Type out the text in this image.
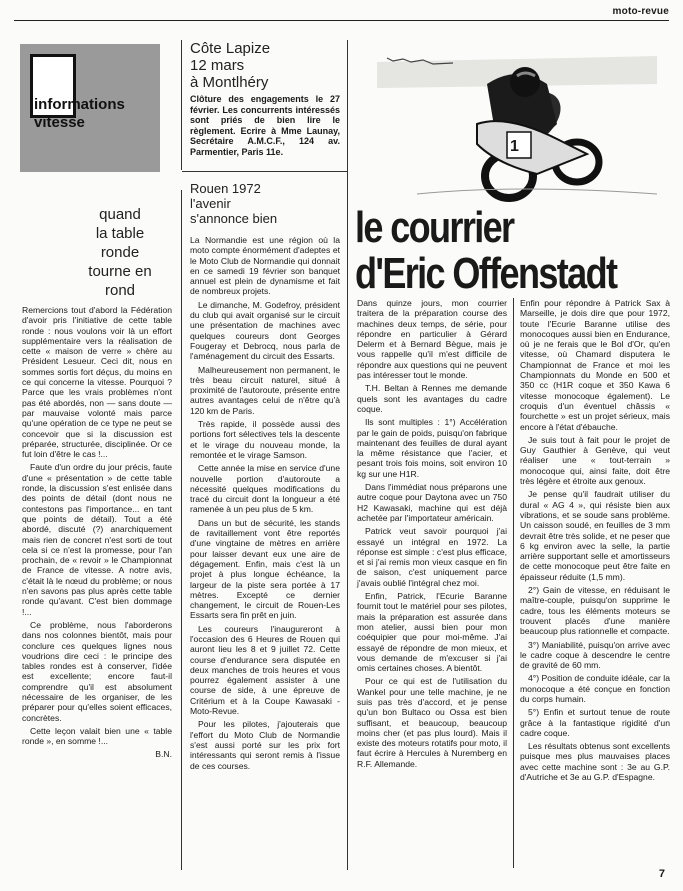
moto-revue
informations
vitesse
Côte Lapize
12 mars
à Montlhéry
Clôture des engagements le 27 février. Les concurrents intéressés sont priés de bien lire le règlement. Ecrire à Mme Launay, Secrétaire A.M.C.F., 124 av. Parmentier, Paris 11e.
Rouen 1972
l'avenir
s'annonce bien

La Normandie est une région où la moto compte énormément d'adeptes et le Moto Club de Normandie qui donnait en ce samedi 19 février son banquet annuel est plein de dynamisme et fait de nombreux projets.

Le dimanche, M. Godefroy, président du club qui avait organisé sur le circuit une présentation de machines avec quelques coureurs dont Georges Fougeray et Debrocq, nous parla de l'aménagement du circuit des Essarts.

Malheureusement non permanent, le très beau circuit naturel, situé à proximité de l'autoroute, présente entre autres avantages celui de n'être qu'à 120 km de Paris.

Très rapide, il possède aussi des portions fort sélectives tels la descente et le virage du nouveau monde, la remontée et le virage Samson.

Cette année la mise en service d'une nouvelle portion d'autoroute a nécessité quelques modifications du tracé du circuit dont la longueur a été ramenée à un peu plus de 5 km.

Dans un but de sécurité, les stands de ravitaillement vont être reportés d'une vingtaine de mètres en arrière pour laisser devant eux une aire de dégagement. Enfin, mais c'est là un projet à plus longue échéance, la largeur de la piste sera portée à 17 mètres. Excepté ce dernier changement, le circuit de Rouen-Les Essarts sera fin prêt en juin.

Les coureurs l'inaugureront à l'occasion des 6 Heures de Rouen qui auront lieu les 8 et 9 juillet 72. Cette course d'endurance sera disputée en deux manches de trois heures et vous pourrez également assister à une course de side, à une épreuve de Critérium et à la Coupe Kawasaki - Moto-Revue.

Pour les pilotes, j'ajouterais que l'effort du Moto Club de Normandie s'est aussi porté sur les prix fort intéressants qui seront remis à l'issue de ces courses.

quand
la table
ronde
tourne en
rond

Remercions tout d'abord la Fédération d'avoir pris l'initiative de cette table ronde : nous voulons voir là un effort supplémentaire vers la réalisation de cette « maison de verre » chère au Président Lesueur. Ceci dit, nous en sommes sortis fort déçus, du moins en ce qui concerne la vitesse. Pourquoi ? Parce que les vrais problèmes n'ont pas été abordés, non — sans doute — par mauvaise volonté mais parce qu'une opération de ce type ne peut se concevoir que si la discussion est préparée, structurée, disciplinée. Or ce fut loin d'être le cas !...

Faute d'un ordre du jour précis, faute d'une « présentation » de cette table ronde, la discussion s'est enlisée dans des points de détail (dont nous ne contestons pas l'importance... en tant que points de détail). Tout a été abordé, discuté (?) anarchiquement mais rien de concret n'est sorti de tout cela si ce n'est la promesse, pour l'an prochain, de « revoir » le Championnat de France de vitesse. A notre avis, c'était là le nœud du problème; or nous n'en savons pas plus après cette table ronde qu'avant. C'est bien dommage !...

Ce problème, nous l'aborderons dans nos colonnes bientôt, mais pour conclure ces quelques lignes nous voudrions dire ceci : le principe des tables rondes est à conserver, l'idée est excellente; encore faut-il comprendre qu'il est absolument nécessaire de les organiser, de les préparer pour qu'elles soient efficaces, concrètes.

Cette leçon valait bien une « table ronde », en somme !...

B.N.
1
le courrier
d'Eric Offenstadt

Dans quinze jours, mon courrier traitera de la préparation course des machines deux temps, de série, pour répondre en particulier à Gérard Delerm et à Bernard Bègue, mais je vous rappelle qu'il m'est difficile de répondre aux questions qui ne peuvent pas intéresser tout le monde.

T.H. Beltan à Rennes me demande quels sont les avantages du cadre coque.

Ils sont multiples : 1°) Accélération par le gain de poids, puisqu'on fabrique maintenant des feuilles de dural ayant la même résistance que l'acier, et pesant trois fois moins, soit environ 10 kg sur une H1R.

Dans l'immédiat nous préparons une autre coque pour Daytona avec un 750 H2 Kawasaki, machine qui est déjà achetée par l'importateur américain.

Patrick veut savoir pourquoi j'ai essayé un intégral en 1972. La réponse est simple : c'est plus efficace, et si j'ai remis mon vieux casque en fin de saison, c'est uniquement parce j'avais oublié l'intégral chez moi.

Enfin, Patrick, l'Ecurie Baranne fournit tout le matériel pour ses pilotes, mais la préparation est assurée dans mon atelier, aussi bien pour mon coéquipier que pour moi-même. J'ai essayé de répondre de mon mieux, et vous demande de m'excuser si j'ai omis certaines choses. A bientôt.

Pour ce qui est de l'utilisation du Wankel pour une telle machine, je ne suis pas très d'accord, et je pense qu'un bon Bultaco ou Ossa est bien suffisant, et beaucoup, beaucoup moins cher (et pas plus lourd). Mais il existe des moteurs rotatifs pour moto, il faut écrire à Hercules à Nuremberg en R.F. Allemande.

Enfin pour répondre à Patrick Sax à Marseille, je dois dire que pour 1972, toute l'Ecurie Baranne utilise des monocoques aussi bien en Endurance, où je ne ferais que le Bol d'Or, qu'en vitesse, où Chamard disputera le Championnat de France et moi les Championnats du Monde en 500 et 350 cc (H1R coque et 350 Kawa 6 vitesse monocoque également). Le croquis d'un éventuel châssis « fourchette » est un projet sérieux, mais encore à l'état d'ébauche.

Je suis tout à fait pour le projet de Guy Gauthier à Genève, qui veut réaliser une « tout-terrain » monocoque qui, ainsi faite, doit être très légère et étroite aux genoux.

Je pense qu'il faudrait utiliser du dural « AG 4 », qui résiste bien aux vibrations, et se soude sans problème. Un caisson soudé, en feuilles de 3 mm devrait être très solide, et ne peser que 6 kg environ avec la selle, la partie arrière supportant selle et amortisseurs de cette monocoque peut être faite en épaisseur réduite (1,5 mm).

2°) Gain de vitesse, en réduisant le maître-couple, puisqu'on supprime le cadre, tous les éléments moteurs se trouvent placés d'une manière beaucoup plus rationnelle et compacte.

3°) Maniabilité, puisqu'on arrive avec le cadre coque à descendre le centre de gravité de 60 mm.

4°) Position de conduite idéale, car la monocoque a été conçue en fonction du corps humain.

5°) Enfin et surtout tenue de route grâce à la fantastique rigidité d'un cadre coque.

Les résultats obtenus sont excellents puisque mes plus mauvaises places avec cette machine sont : 3e au G.P. d'Autriche et 3e au G.P. d'Espagne.

7
